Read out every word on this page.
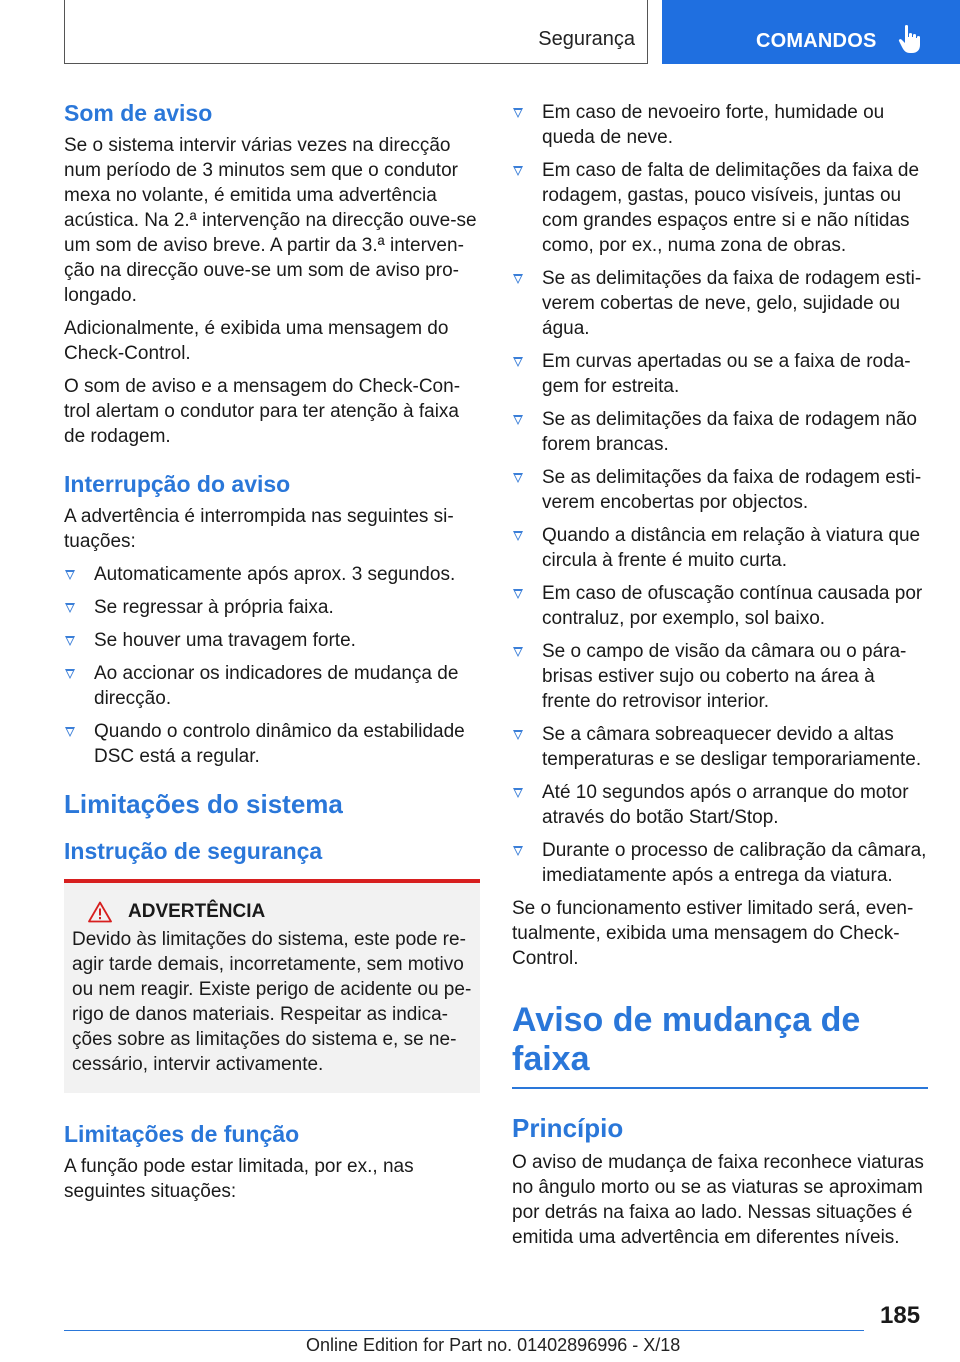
Segurança	COMANDOS
Som de aviso

Se o sistema intervir várias vezes na direcção num período de 3 minutos sem que o condutor mexa no volante, é emitida uma advertência acústica. Na 2.ª intervenção na direcção ouve-se um som de aviso breve. A partir da 3.ª intervenção na direcção ouve-se um som de aviso prolongado.

Adicionalmente, é exibida uma mensagem do Check-Control.

O som de aviso e a mensagem do Check-Control alertam o condutor para ter atenção à faixa de rodagem.

Interrupção do aviso

A advertência é interrompida nas seguintes situações:

Automaticamente após aprox. 3 segundos.
Se regressar à própria faixa.
Se houver uma travagem forte.
Ao accionar os indicadores de mudança de direcção.
Quando o controlo dinâmico da estabilidade DSC está a regular.
Limitações do sistema
Instrução de segurança
ADVERTÊNCIA

Devido às limitações do sistema, este pode reagir tarde demais, incorretamente, sem motivo ou nem reagir. Existe perigo de acidente ou perigo de danos materiais. Respeitar as indicações sobre as limitações do sistema e, se necessário, intervir activamente.

Limitações de função

A função pode estar limitada, por ex., nas seguintes situações:

Em caso de nevoeiro forte, humidade ou queda de neve.
Em caso de falta de delimitações da faixa de rodagem, gastas, pouco visíveis, juntas ou com grandes espaços entre si e não nítidas como, por ex., numa zona de obras.
Se as delimitações da faixa de rodagem estiverem cobertas de neve, gelo, sujidade ou água.
Em curvas apertadas ou se a faixa de rodagem for estreita.
Se as delimitações da faixa de rodagem não forem brancas.
Se as delimitações da faixa de rodagem estiverem encobertas por objectos.
Quando a distância em relação à viatura que circula à frente é muito curta.
Em caso de ofuscação contínua causada por contraluz, por exemplo, sol baixo.
Se o campo de visão da câmara ou o pára-brisas estiver sujo ou coberto na área à frente do retrovisor interior.
Se a câmara sobreaquecer devido a altas temperaturas e se desligar temporariamente.
Até 10 segundos após o arranque do motor através do botão Start/Stop.
Durante o processo de calibração da câmara, imediatamente após a entrega da viatura.

Se o funcionamento estiver limitado será, eventualmente, exibida uma mensagem do Check-Control.

Aviso de mudança de faixa
Princípio

O aviso de mudança de faixa reconhece viaturas no ângulo morto ou se as viaturas se aproximam por detrás na faixa ao lado. Nessas situações é emitida uma advertência em diferentes níveis.

185
Online Edition for Part no. 01402896996 - X/18
